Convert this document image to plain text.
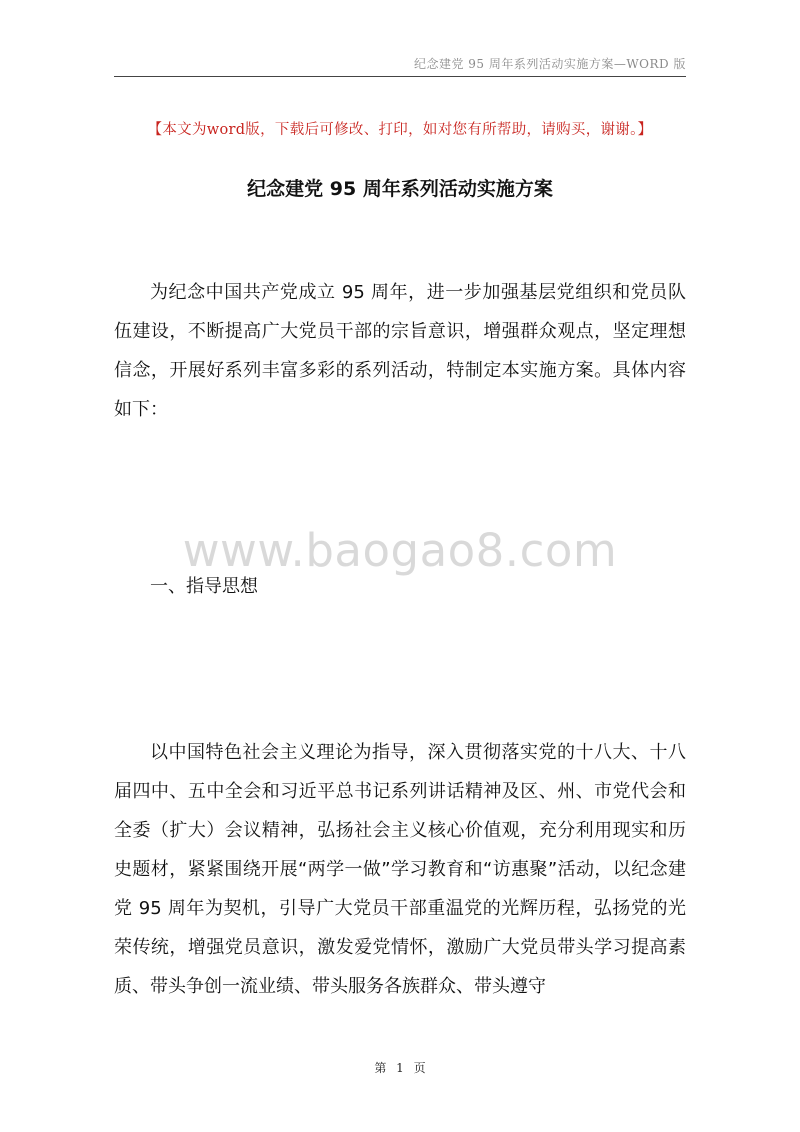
纪念建党 95 周年系列活动实施方案—WORD 版
【本文为word版，下载后可修改、打印，如对您有所帮助，请购买，谢谢。】
纪念建党 95 周年系列活动实施方案
为纪念中国共产党成立 95 周年，进一步加强基层党组织和党员队伍建设，不断提高广大党员干部的宗旨意识，增强群众观点，坚定理想信念，开展好系列丰富多彩的系列活动，特制定本实施方案。具体内容如下：
www.baogao8.com
一、指导思想
以中国特色社会主义理论为指导，深入贯彻落实党的十八大、十八届四中、五中全会和习近平总书记系列讲话精神及区、州、市党代会和全委（扩大）会议精神，弘扬社会主义核心价值观，充分利用现实和历史题材，紧紧围绕开展“两学一做”学习教育和“访惠聚”活动，以纪念建党 95 周年为契机，引导广大党员干部重温党的光辉历程，弘扬党的光荣传统，增强党员意识，激发爱党情怀，激励广大党员带头学习提高素质、带头争创一流业绩、带头服务各族群众、带头遵守
第 1 页
